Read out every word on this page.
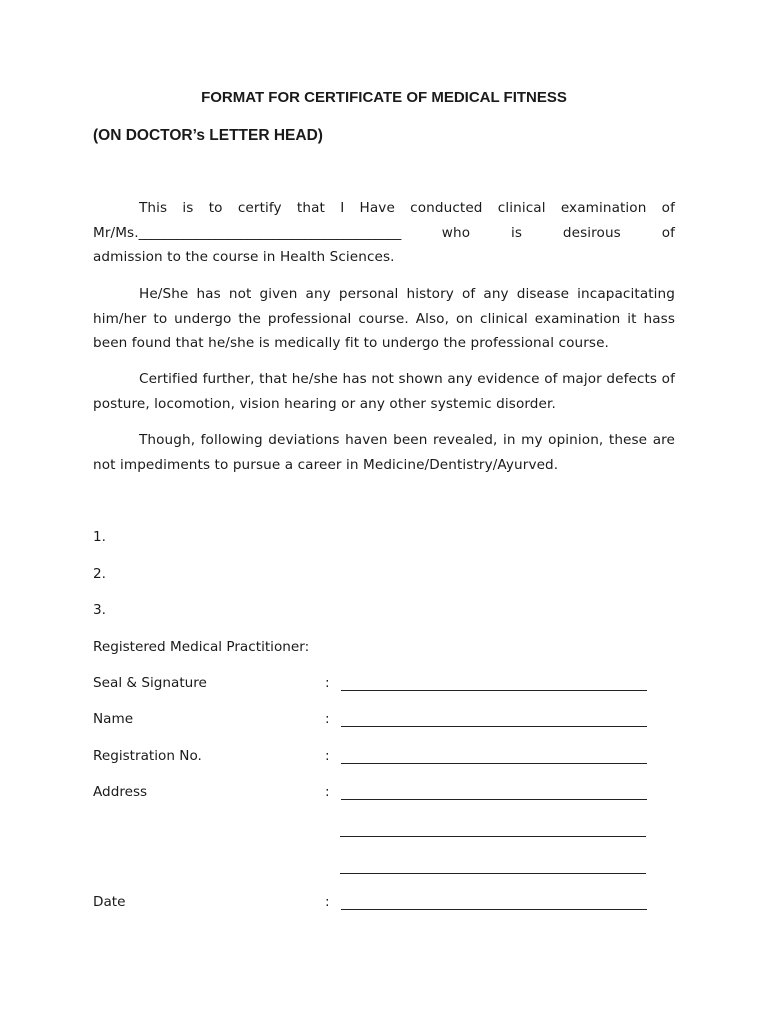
FORMAT FOR CERTIFICATE OF MEDICAL FITNESS
(ON DOCTOR’s LETTER HEAD)
This is to certify that I Have conducted clinical examination of
Mr/Ms._________________________________________	who is desirous of
admission to the course in Health Sciences.
He/She has not given any personal history of any disease incapacitating him/her to undergo the professional course. Also, on clinical examination it hass been found that he/she is medically fit to undergo the professional course.
Certified further, that he/she has not shown any evidence of major defects of posture, locomotion, vision hearing or any other systemic disorder.
Though, following deviations haven been revealed, in my opinion, these are not impediments to pursue a career in Medicine/Dentistry/Ayurved.
1.
2.
3.
Registered Medical Practitioner:
Seal & Signature	:
Name	:
Registration No.	:
Address	:
Date	:
